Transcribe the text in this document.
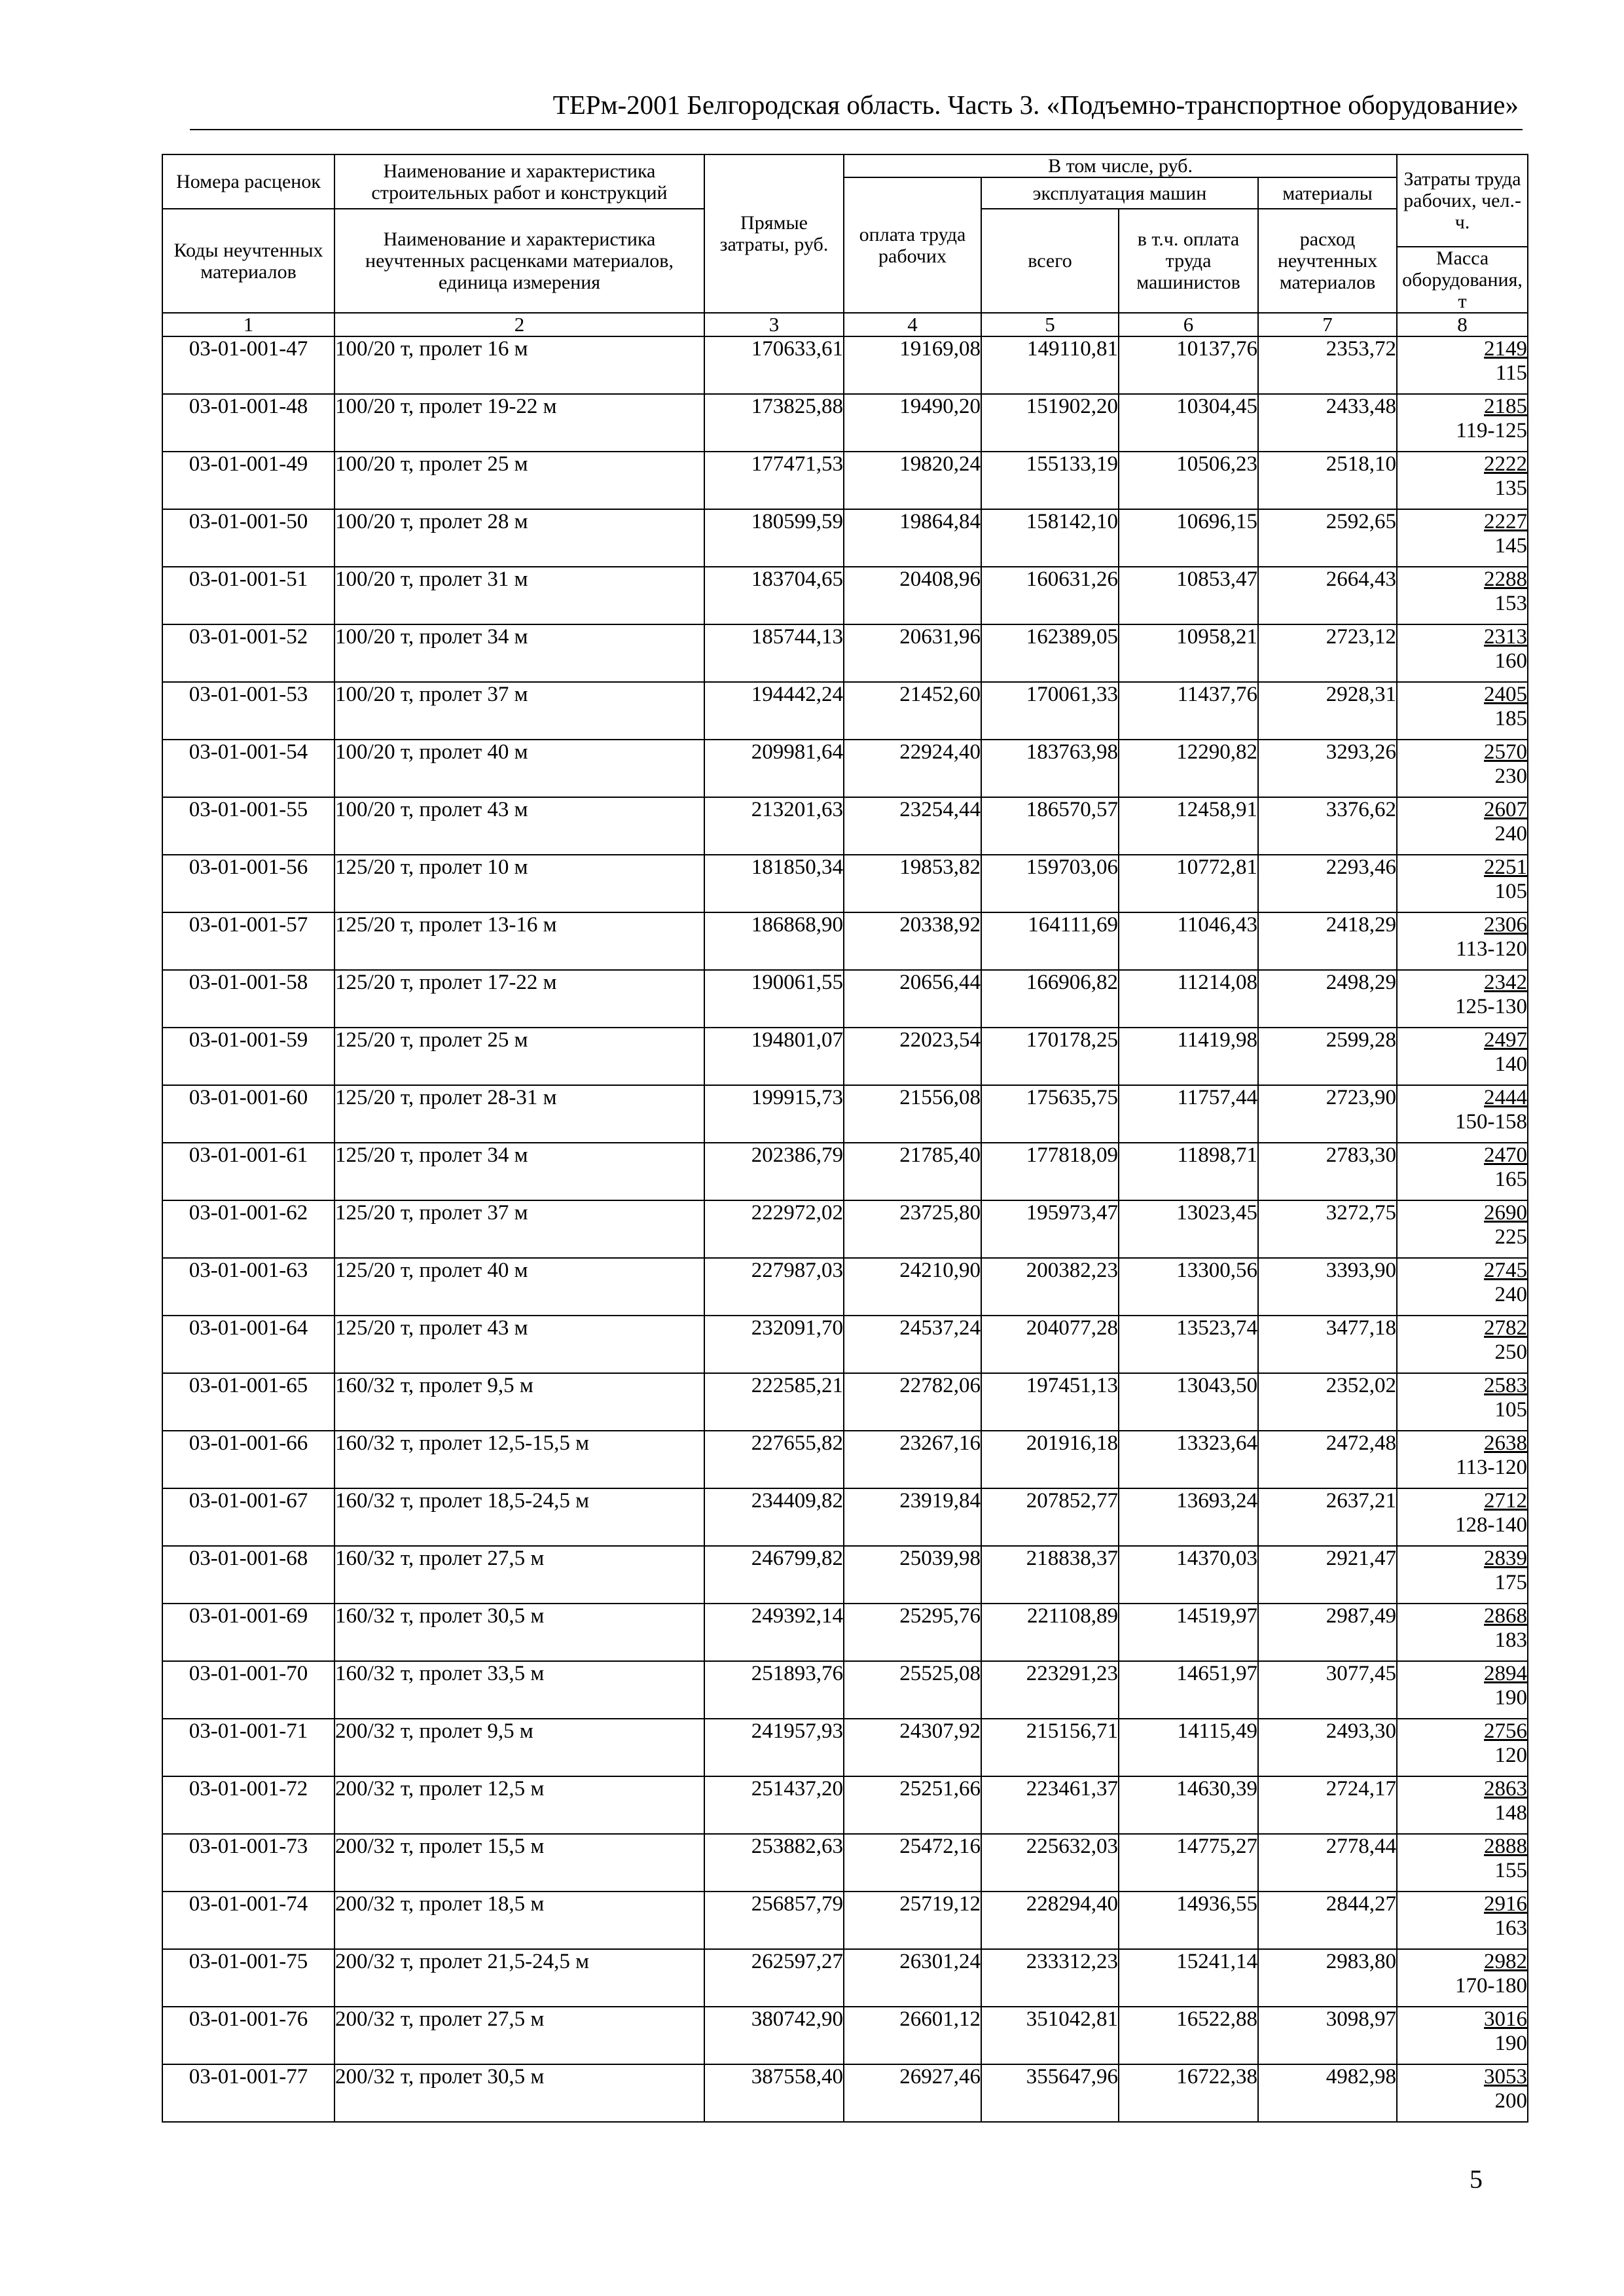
ТЕРм-2001 Белгородская область. Часть 3. «Подъемно-транспортное оборудование»
Номера расценок	Наименование и характеристика строительных работ и конструкций	Прямые затраты, руб.	В том числе, руб.				Затраты труда рабочих, чел.-ч.
			оплата труда рабочих	эксплуатация машин		материалы	
Коды неучтенных материалов	Наименование и характеристика неучтенных расценками материалов, единица измерения			всего	в т.ч. оплата труда машинистов	расход неучтенных материалов	

							Масса оборудования, т
1	2	3	4	5	6	7	8
03-01-001-47	100/20 т, пролет 16 м	170633,61	19169,08	149110,81	10137,76	2353,72	2149
115

03-01-001-48	100/20 т, пролет 19-22 м	173825,88	19490,20	151902,20	10304,45	2433,48	2185
119-125

03-01-001-49	100/20 т, пролет 25 м	177471,53	19820,24	155133,19	10506,23	2518,10	2222
135

03-01-001-50	100/20 т, пролет 28 м	180599,59	19864,84	158142,10	10696,15	2592,65	2227
145

03-01-001-51	100/20 т, пролет 31 м	183704,65	20408,96	160631,26	10853,47	2664,43	2288
153

03-01-001-52	100/20 т, пролет 34 м	185744,13	20631,96	162389,05	10958,21	2723,12	2313
160

03-01-001-53	100/20 т, пролет 37 м	194442,24	21452,60	170061,33	11437,76	2928,31	2405
185

03-01-001-54	100/20 т, пролет 40 м	209981,64	22924,40	183763,98	12290,82	3293,26	2570
230

03-01-001-55	100/20 т, пролет 43 м	213201,63	23254,44	186570,57	12458,91	3376,62	2607
240

03-01-001-56	125/20 т, пролет 10 м	181850,34	19853,82	159703,06	10772,81	2293,46	2251
105

03-01-001-57	125/20 т, пролет 13-16 м	186868,90	20338,92	164111,69	11046,43	2418,29	2306
113-120

03-01-001-58	125/20 т, пролет 17-22 м	190061,55	20656,44	166906,82	11214,08	2498,29	2342
125-130

03-01-001-59	125/20 т, пролет 25 м	194801,07	22023,54	170178,25	11419,98	2599,28	2497
140

03-01-001-60	125/20 т, пролет 28-31 м	199915,73	21556,08	175635,75	11757,44	2723,90	2444
150-158

03-01-001-61	125/20 т, пролет 34 м	202386,79	21785,40	177818,09	11898,71	2783,30	2470
165

03-01-001-62	125/20 т, пролет 37 м	222972,02	23725,80	195973,47	13023,45	3272,75	2690
225

03-01-001-63	125/20 т, пролет 40 м	227987,03	24210,90	200382,23	13300,56	3393,90	2745
240

03-01-001-64	125/20 т, пролет 43 м	232091,70	24537,24	204077,28	13523,74	3477,18	2782
250

03-01-001-65	160/32 т, пролет 9,5 м	222585,21	22782,06	197451,13	13043,50	2352,02	2583
105

03-01-001-66	160/32 т, пролет 12,5-15,5 м	227655,82	23267,16	201916,18	13323,64	2472,48	2638
113-120

03-01-001-67	160/32 т, пролет 18,5-24,5 м	234409,82	23919,84	207852,77	13693,24	2637,21	2712
128-140

03-01-001-68	160/32 т, пролет 27,5 м	246799,82	25039,98	218838,37	14370,03	2921,47	2839
175

03-01-001-69	160/32 т, пролет 30,5 м	249392,14	25295,76	221108,89	14519,97	2987,49	2868
183

03-01-001-70	160/32 т, пролет 33,5 м	251893,76	25525,08	223291,23	14651,97	3077,45	2894
190

03-01-001-71	200/32 т, пролет 9,5 м	241957,93	24307,92	215156,71	14115,49	2493,30	2756
120

03-01-001-72	200/32 т, пролет 12,5 м	251437,20	25251,66	223461,37	14630,39	2724,17	2863
148

03-01-001-73	200/32 т, пролет 15,5 м	253882,63	25472,16	225632,03	14775,27	2778,44	2888
155

03-01-001-74	200/32 т, пролет 18,5 м	256857,79	25719,12	228294,40	14936,55	2844,27	2916
163

03-01-001-75	200/32 т, пролет 21,5-24,5 м	262597,27	26301,24	233312,23	15241,14	2983,80	2982
170-180

03-01-001-76	200/32 т, пролет 27,5 м	380742,90	26601,12	351042,81	16522,88	3098,97	3016
190

03-01-001-77	200/32 т, пролет 30,5 м	387558,40	26927,46	355647,96	16722,38	4982,98	3053
200
5
